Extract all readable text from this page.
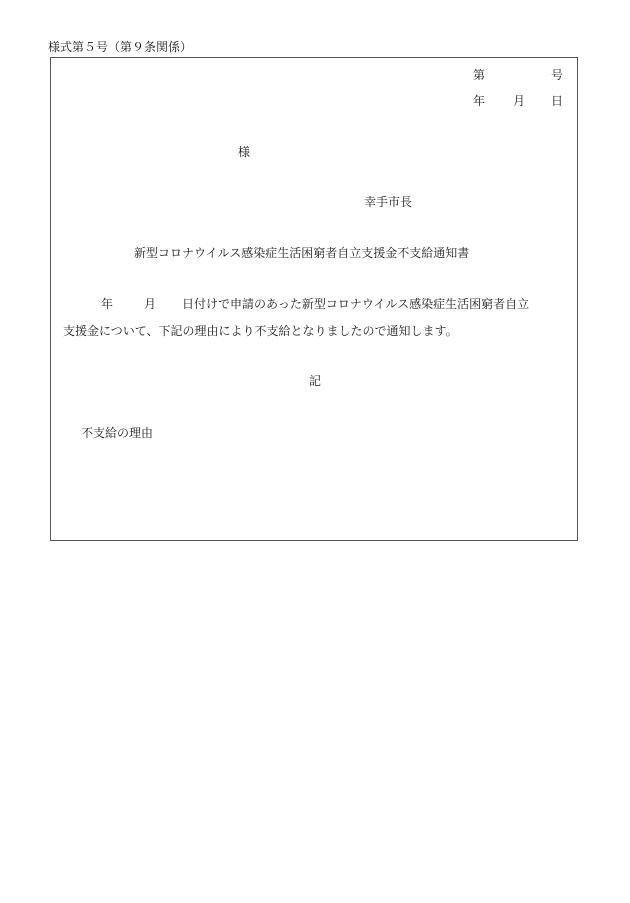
様式第５号（第９条関係）
第	号
年 月 日
様
幸手市長
新型コロナウイルス感染症生活困窮者自立支援金不支給通知書
年	月 日付けで申請のあった新型コロナウイルス感染症生活困窮者自立
支援金について、下記の理由により不支給となりましたので通知します。
記
不支給の理由
